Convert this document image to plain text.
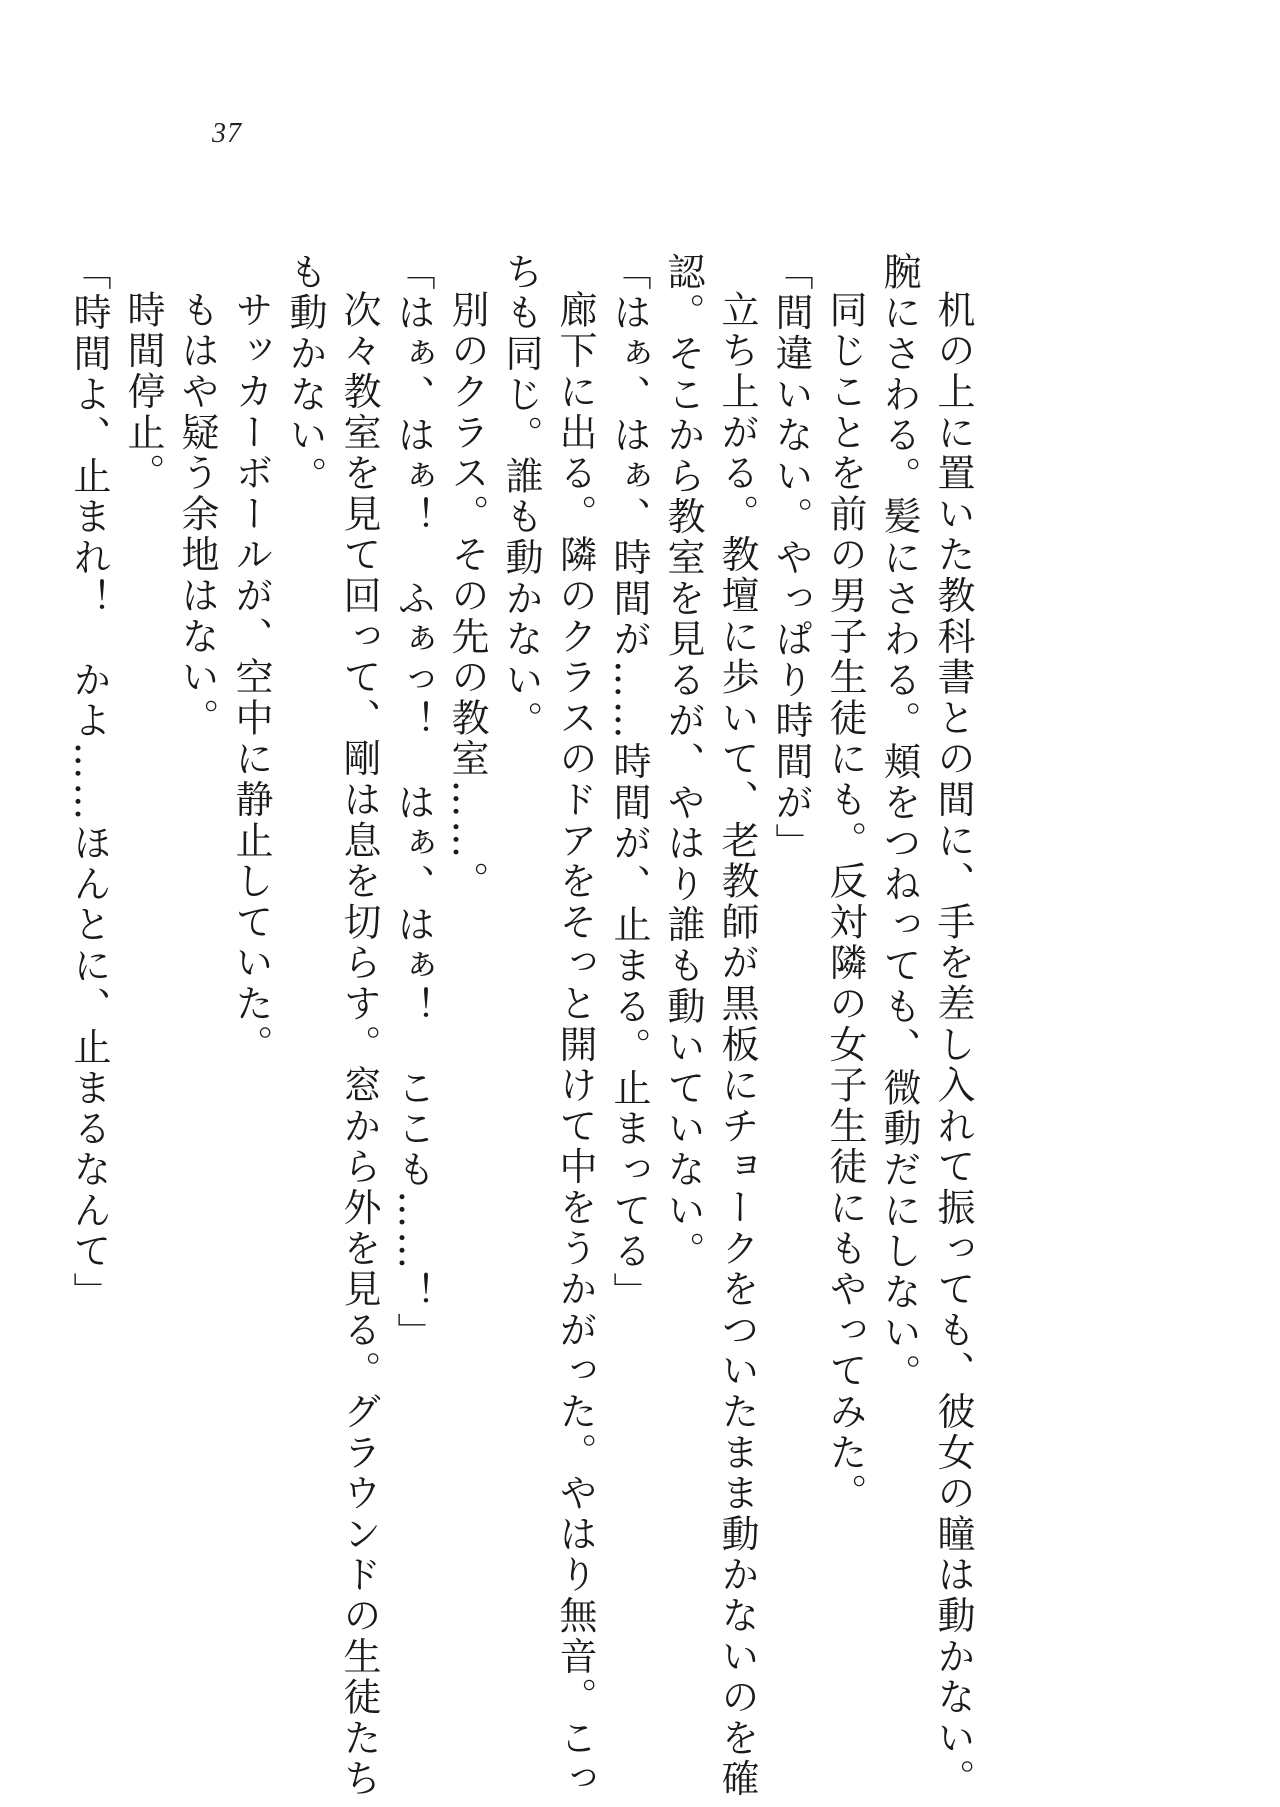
37

机の上に置いた教科書との間に、手を差し入れて振っても、彼女の瞳は動かない。

腕にさわる。髪にさわる。頬をつねっても、微動だにしない。

同じことを前の男子生徒にも。反対隣の女子生徒にもやってみた。

「間違いない。やっぱり時間が」

立ち上がる。教壇に歩いて、老教師が黒板にチョークをついたまま動かないのを確

認。そこから教室を見るが、やはり誰も動いていない。

「はぁ、はぁ、時間が……時間が、止まる。止まってる」

廊下に出る。隣のクラスのドアをそっと開けて中をうかがった。やはり無音。こっ

ちも同じ。誰も動かない。

別のクラス。その先の教室……。

「はぁ、はぁ！　ふぁっ！　はぁ、はぁ！　ここも……！」

次々教室を見て回って、剛は息を切らす。窓から外を見る。グラウンドの生徒たち

も動かない。

サッカーボールが、空中に静止していた。

もはや疑う余地はない。

時間停止。

「時間よ、止まれ！　かよ……ほんとに、止まるなんて」
